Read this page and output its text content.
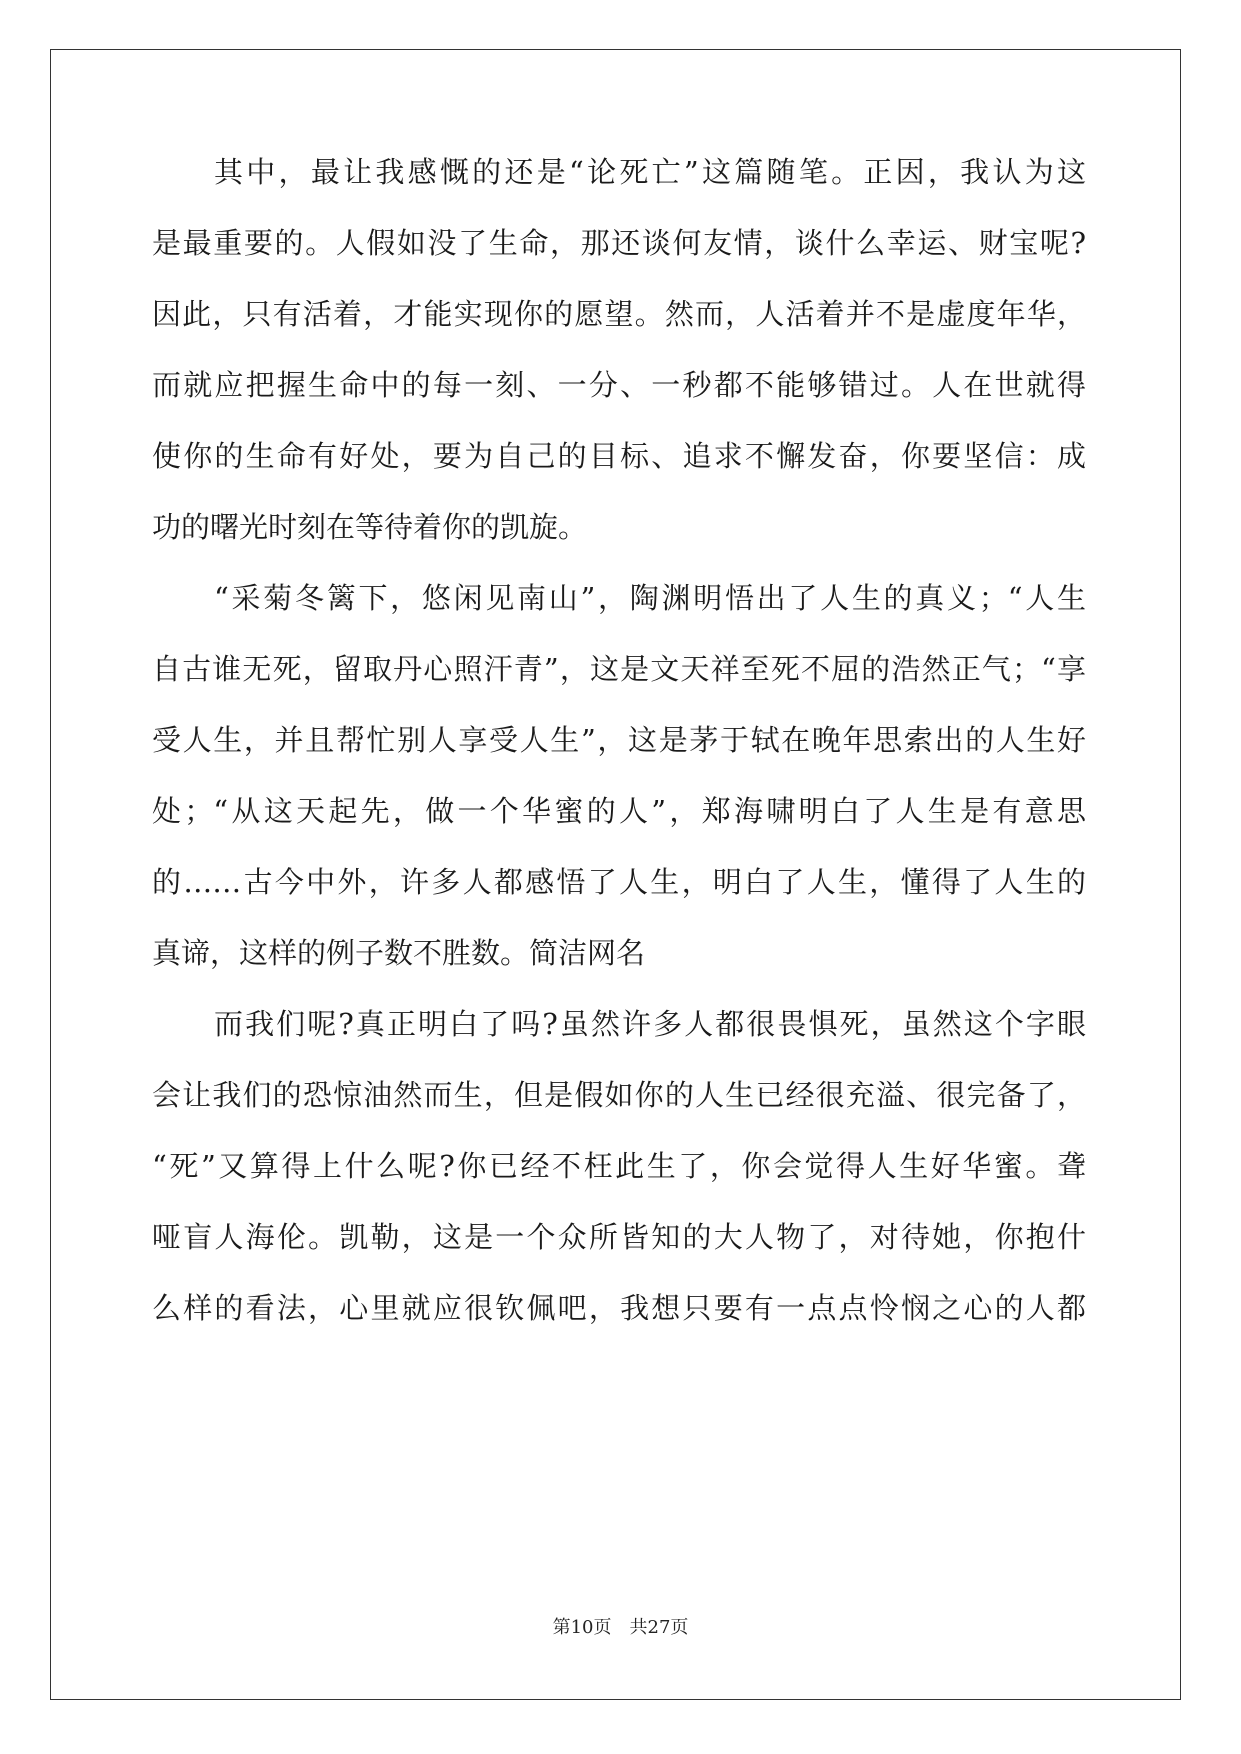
其中，最让我感慨的还是“论死亡”这篇随笔。正因，我认为这
是最重要的。人假如没了生命，那还谈何友情，谈什么幸运、财宝呢?
因此，只有活着，才能实现你的愿望。然而，人活着并不是虚度年华，
而就应把握生命中的每一刻、一分、一秒都不能够错过。人在世就得
使你的生命有好处，要为自己的目标、追求不懈发奋，你要坚信：成
功的曙光时刻在等待着你的凯旋。
“采菊冬篱下，悠闲见南山”，陶渊明悟出了人生的真义；“人生
自古谁无死，留取丹心照汗青”，这是文天祥至死不屈的浩然正气；“享
受人生，并且帮忙别人享受人生”，这是茅于轼在晚年思索出的人生好
处；“从这天起先，做一个华蜜的人”，郑海啸明白了人生是有意思
的……古今中外，许多人都感悟了人生，明白了人生，懂得了人生的
真谛，这样的例子数不胜数。简洁网名
而我们呢?真正明白了吗?虽然许多人都很畏惧死，虽然这个字眼
会让我们的恐惊油然而生，但是假如你的人生已经很充溢、很完备了，
“死”又算得上什么呢?你已经不枉此生了，你会觉得人生好华蜜。聋
哑盲人海伦。凯勒，这是一个众所皆知的大人物了，对待她，你抱什
么样的看法，心里就应很钦佩吧，我想只要有一点点怜悯之心的人都
第10页　共27页
